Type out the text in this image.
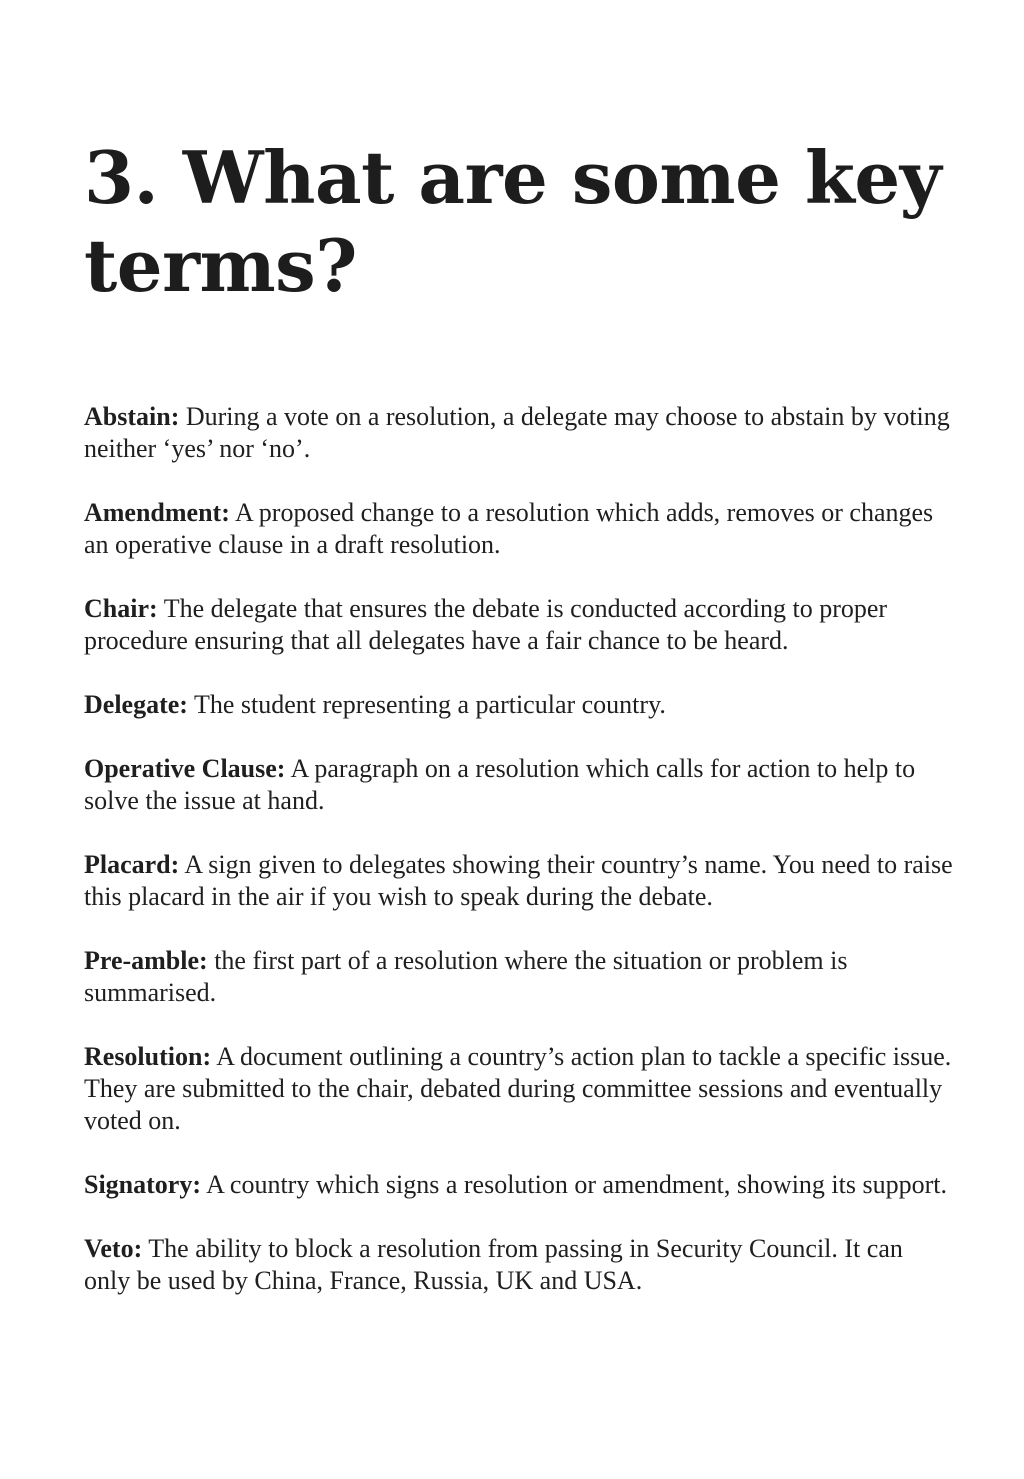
3. What are some key terms?
Abstain: During a vote on a resolution, a delegate may choose to abstain by voting neither ‘yes’ nor ‘no’.
Amendment: A proposed change to a resolution which adds, removes or changes an operative clause in a draft resolution.
Chair: The delegate that ensures the debate is conducted according to proper procedure ensuring that all delegates have a fair chance to be heard.
Delegate: The student representing a particular country.
Operative Clause: A paragraph on a resolution which calls for action to help to solve the issue at hand.
Placard: A sign given to delegates showing their country’s name. You need to raise this placard in the air if you wish to speak during the debate.
Pre-amble: the first part of a resolution where the situation or problem is summarised.
Resolution: A document outlining a country’s action plan to tackle a specific issue. They are submitted to the chair, debated during committee sessions and eventually voted on.
Signatory: A country which signs a resolution or amendment, showing its support.
Veto: The ability to block a resolution from passing in Security Council. It can only be used by China, France, Russia, UK and USA.
